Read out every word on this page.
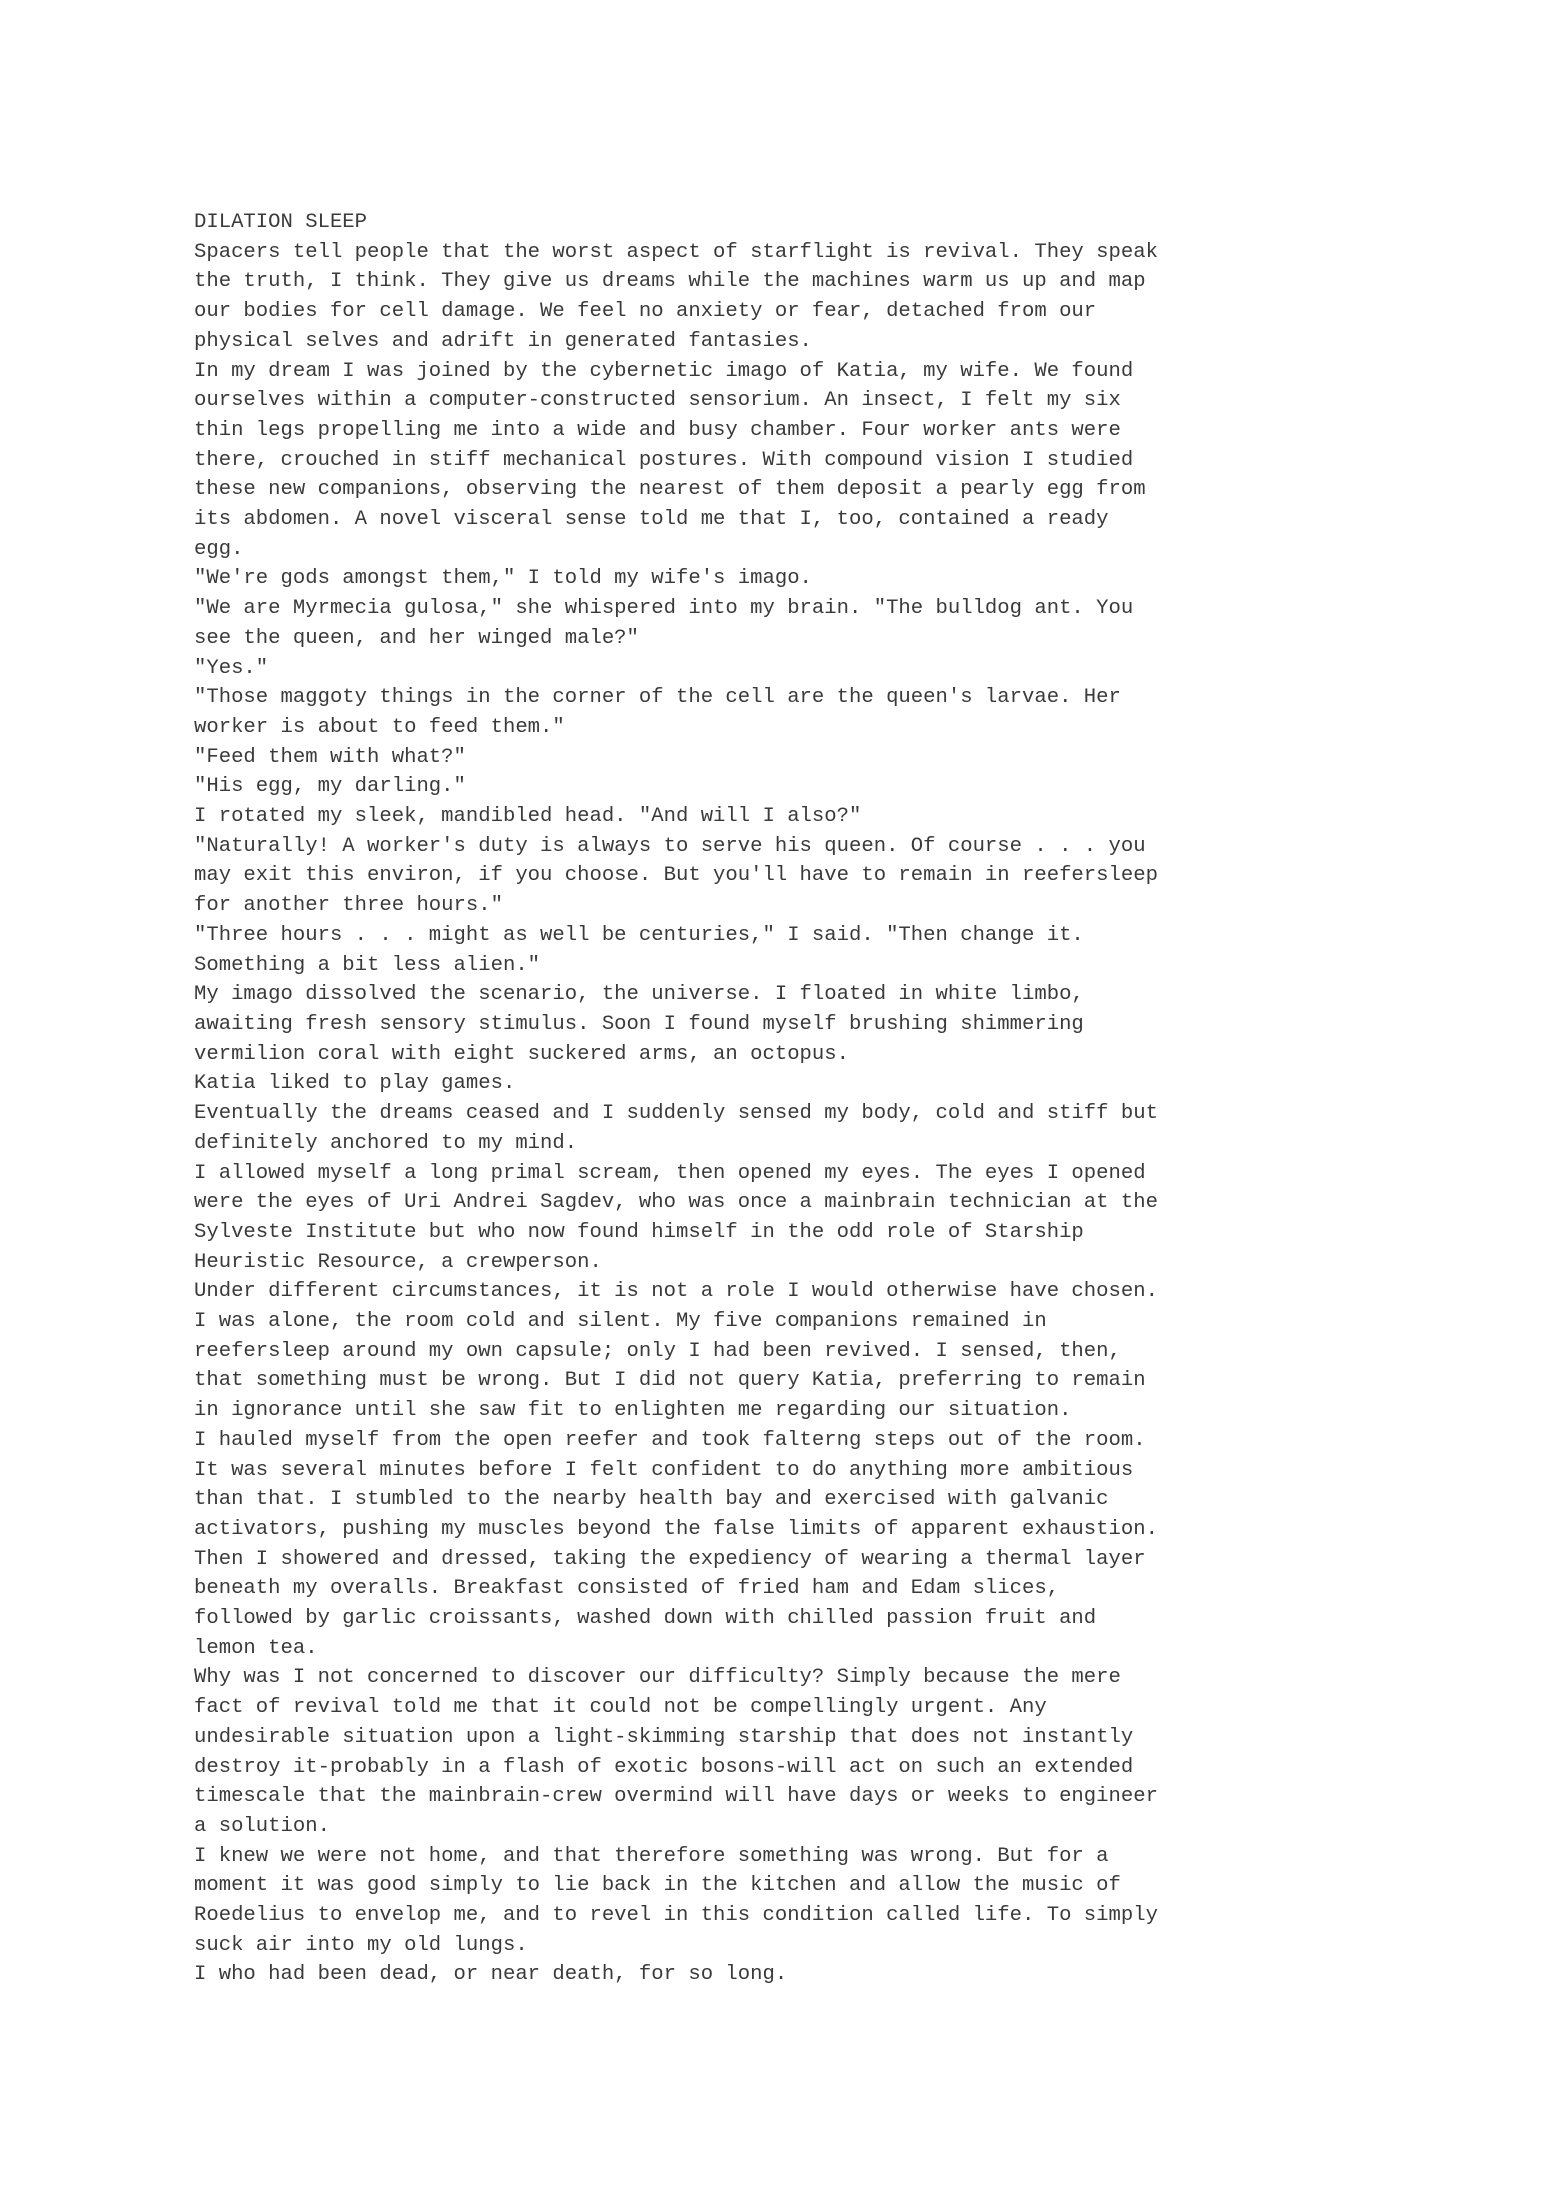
DILATION SLEEP

Spacers tell people that the worst aspect of starflight is revival. They speak
the truth, I think. They give us dreams while the machines warm us up and map
our bodies for cell damage. We feel no anxiety or fear, detached from our
physical selves and adrift in generated fantasies.

In my dream I was joined by the cybernetic imago of Katia, my wife. We found
ourselves within a computer-constructed sensorium. An insect, I felt my six
thin legs propelling me into a wide and busy chamber. Four worker ants were
there, crouched in stiff mechanical postures. With compound vision I studied
these new companions, observing the nearest of them deposit a pearly egg from
its abdomen. A novel visceral sense told me that I, too, contained a ready
egg.

"We're gods amongst them," I told my wife's imago.

"We are Myrmecia gulosa," she whispered into my brain. "The bulldog ant. You
see the queen, and her winged male?"

"Yes."

"Those maggoty things in the corner of the cell are the queen's larvae. Her
worker is about to feed them."

"Feed them with what?"

"His egg, my darling."

I rotated my sleek, mandibled head. "And will I also?"

"Naturally! A worker's duty is always to serve his queen. Of course . . . you
may exit this environ, if you choose. But you'll have to remain in reefersleep
for another three hours."

"Three hours . . . might as well be centuries," I said. "Then change it.
Something a bit less alien."

My imago dissolved the scenario, the universe. I floated in white limbo,
awaiting fresh sensory stimulus. Soon I found myself brushing shimmering
vermilion coral with eight suckered arms, an octopus.

Katia liked to play games.

Eventually the dreams ceased and I suddenly sensed my body, cold and stiff but
definitely anchored to my mind.

I allowed myself a long primal scream, then opened my eyes. The eyes I opened
were the eyes of Uri Andrei Sagdev, who was once a mainbrain technician at the
Sylveste Institute but who now found himself in the odd role of Starship
Heuristic Resource, a crewperson.

Under different circumstances, it is not a role I would otherwise have chosen.
I was alone, the room cold and silent. My five companions remained in
reefersleep around my own capsule; only I had been revived. I sensed, then,
that something must be wrong. But I did not query Katia, preferring to remain
in ignorance until she saw fit to enlighten me regarding our situation.

I hauled myself from the open reefer and took falterng steps out of the room.
It was several minutes before I felt confident to do anything more ambitious
than that. I stumbled to the nearby health bay and exercised with galvanic
activators, pushing my muscles beyond the false limits of apparent exhaustion.
Then I showered and dressed, taking the expediency of wearing a thermal layer
beneath my overalls. Breakfast consisted of fried ham and Edam slices,
followed by garlic croissants, washed down with chilled passion fruit and
lemon tea.

Why was I not concerned to discover our difficulty? Simply because the mere
fact of revival told me that it could not be compellingly urgent. Any
undesirable situation upon a light-skimming starship that does not instantly
destroy it-probably in a flash of exotic bosons-will act on such an extended
timescale that the mainbrain-crew overmind will have days or weeks to engineer
a solution.

I knew we were not home, and that therefore something was wrong. But for a
moment it was good simply to lie back in the kitchen and allow the music of
Roedelius to envelop me, and to revel in this condition called life. To simply
suck air into my old lungs.

I who had been dead, or near death, for so long.
